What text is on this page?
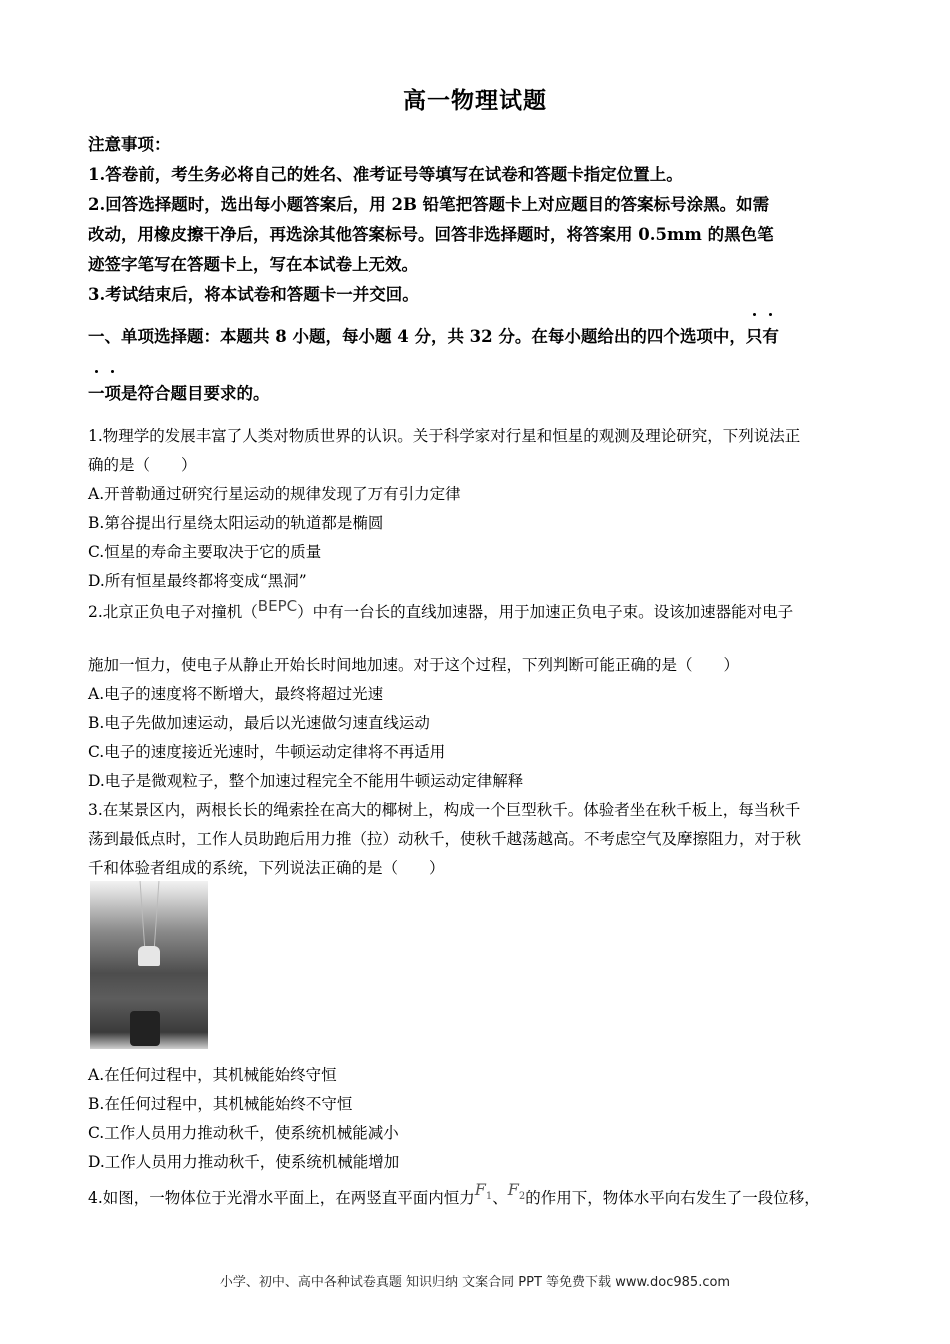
高一物理试题
注意事项：
1.答卷前，考生务必将自己的姓名、准考证号等填写在试卷和答题卡指定位置上。
2.回答选择题时，选出每小题答案后，用 2B 铅笔把答题卡上对应题目的答案标号涂黑。如需
改动，用橡皮擦干净后，再选涂其他答案标号。回答非选择题时，将答案用 0.5mm 的黑色笔
迹签字笔写在答题卡上，写在本试卷上无效。
3.考试结束后，将本试卷和答题卡一并交回。
一、单项选择题：本题共 8 小题，每小题 4 分，共 32 分。在每小题给出的四个选项中，只有
一项是符合题目要求的。
1.物理学的发展丰富了人类对物质世界的认识。关于科学家对行星和恒星的观测及理论研究，下列说法正
确的是（　　）
A.开普勒通过研究行星运动的规律发现了万有引力定律
B.第谷提出行星绕太阳运动的轨道都是椭圆
C.恒星的寿命主要取决于它的质量
D.所有恒星最终都将变成“黑洞”
2.北京正负电子对撞机（BEPC）中有一台长的直线加速器，用于加速正负电子束。设该加速器能对电子
施加一恒力，使电子从静止开始长时间地加速。对于这个过程，下列判断可能正确的是（　　）
A.电子的速度将不断增大，最终将超过光速
B.电子先做加速运动，最后以光速做匀速直线运动
C.电子的速度接近光速时，牛顿运动定律将不再适用
D.电子是微观粒子，整个加速过程完全不能用牛顿运动定律解释
3.在某景区内，两根长长的绳索拴在高大的椰树上，构成一个巨型秋千。体验者坐在秋千板上，每当秋千
荡到最低点时，工作人员助跑后用力推（拉）动秋千，使秋千越荡越高。不考虑空气及摩擦阻力，对于秋
千和体验者组成的系统，下列说法正确的是（　　）
A.在任何过程中，其机械能始终守恒
B.在任何过程中，其机械能始终不守恒
C.工作人员用力推动秋千，使系统机械能减小
D.工作人员用力推动秋千，使系统机械能增加
4.如图，一物体位于光滑水平面上，在两竖直平面内恒力$F_1$、$F_2$的作用下，物体水平向右发生了一段位移，
小学、初中、高中各种试卷真题 知识归纳 文案合同 PPT 等免费下载 www.doc985.com
